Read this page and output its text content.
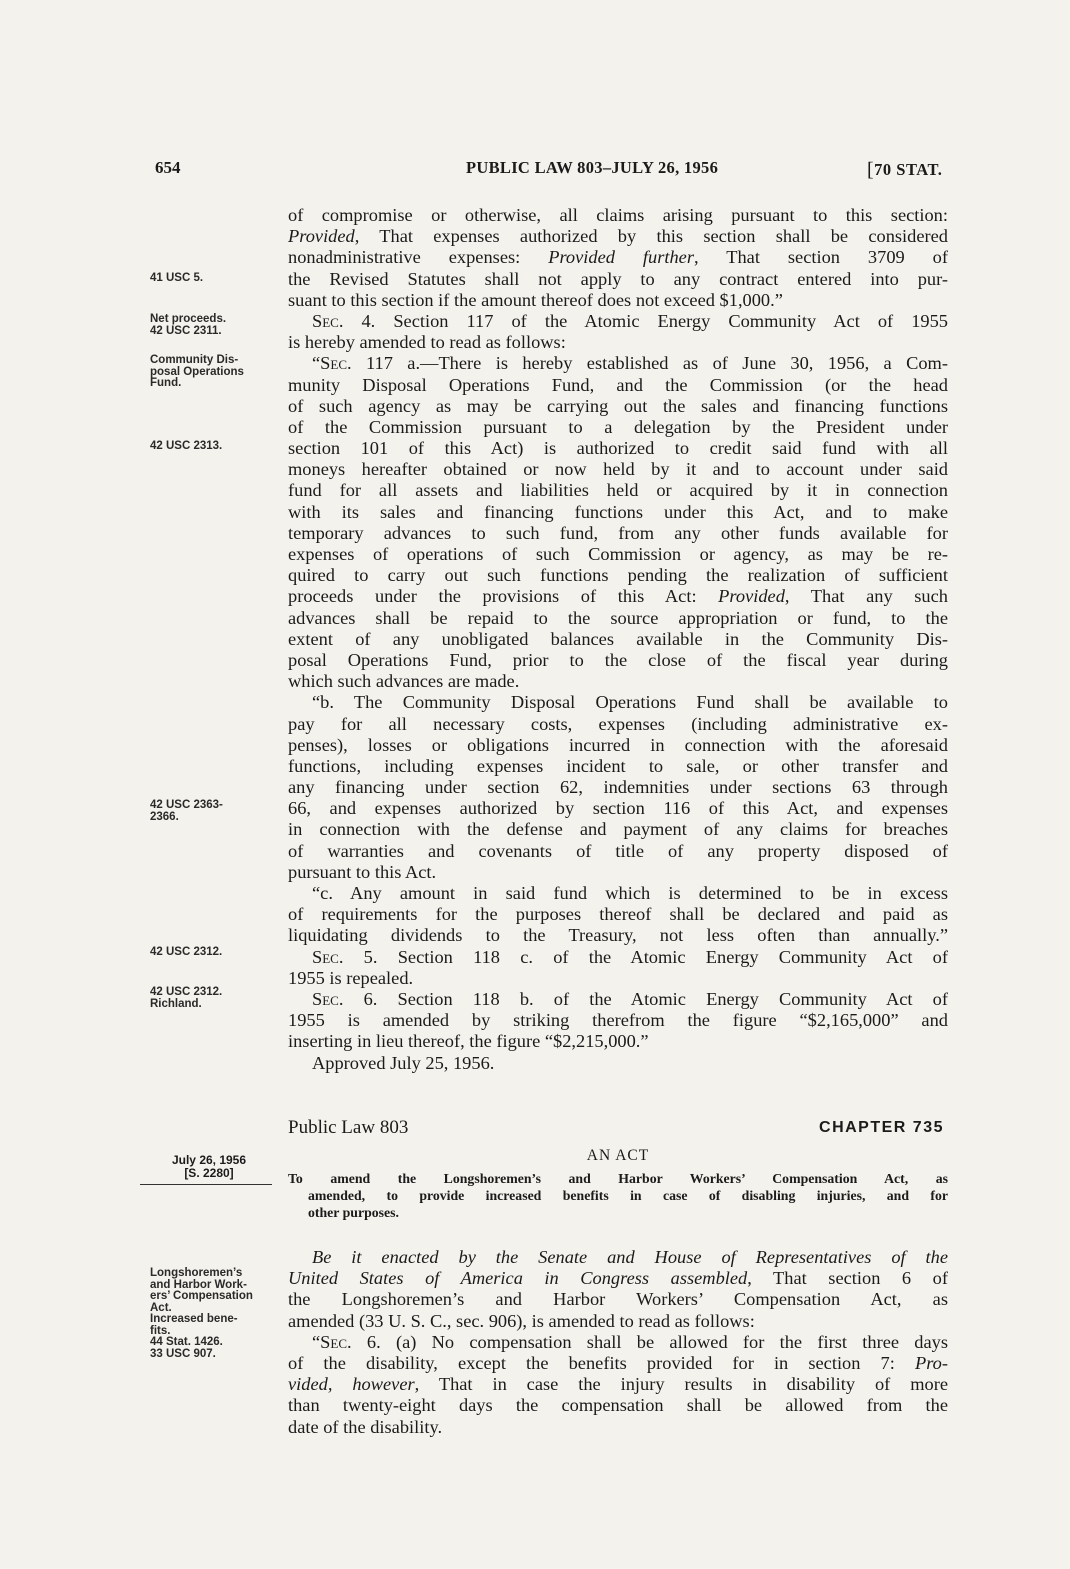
654	PUBLIC LAW 803–JULY 26, 1956	[70 STAT.
of compromise or otherwise, all claims arising pursuant to this section:
Provided, That expenses authorized by this section shall be considered
nonadministrative expenses: Provided further, That section 3709 of
the Revised Statutes shall not apply to any contract entered into pur-
suant to this section if the amount thereof does not exceed $1,000.”
Sec. 4. Section 117 of the Atomic Energy Community Act of 1955
is hereby amended to read as follows:
“Sec. 117 a.—There is hereby established as of June 30, 1956, a Com-
munity Disposal Operations Fund, and the Commission (or the head
of such agency as may be carrying out the sales and financing functions
of the Commission pursuant to a delegation by the President under
section 101 of this Act) is authorized to credit said fund with all
moneys hereafter obtained or now held by it and to account under said
fund for all assets and liabilities held or acquired by it in connection
with its sales and financing functions under this Act, and to make
temporary advances to such fund, from any other funds available for
expenses of operations of such Commission or agency, as may be re-
quired to carry out such functions pending the realization of sufficient
proceeds under the provisions of this Act: Provided, That any such
advances shall be repaid to the source appropriation or fund, to the
extent of any unobligated balances available in the Community Dis-
posal Operations Fund, prior to the close of the fiscal year during
which such advances are made.
“b. The Community Disposal Operations Fund shall be available to
pay for all necessary costs, expenses (including administrative ex-
penses), losses or obligations incurred in connection with the aforesaid
functions, including expenses incident to sale, or other transfer and
any financing under section 62, indemnities under sections 63 through
66, and expenses authorized by section 116 of this Act, and expenses
in connection with the defense and payment of any claims for breaches
of warranties and covenants of title of any property disposed of
pursuant to this Act.
“c. Any amount in said fund which is determined to be in excess
of requirements for the purposes thereof shall be declared and paid as
liquidating dividends to the Treasury, not less often than annually.”
Sec. 5. Section 118 c. of the Atomic Energy Community Act of
1955 is repealed.
Sec. 6. Section 118 b. of the Atomic Energy Community Act of
1955 is amended by striking therefrom the figure “$2,165,000” and
inserting in lieu thereof, the figure “$2,215,000.”
Approved July 25, 1956.
41 USC 5.
Net proceeds.
42 USC 2311.
Community Dis-
posal Operations
Fund.
42 USC 2313.
42 USC 2363-
2366.
42 USC 2312.
42 USC 2312.
Richland.
Public Law 803	CHAPTER 735
AN ACT
July 26, 1956
[S. 2280]	To amend the Longshoremen’s and Harbor Workers’ Compensation Act, as
amended, to provide increased benefits in case of disabling injuries, and for
other purposes.
Longshoremen’s
and Harbor Work-
ers’ Compensation
Act.
Increased bene-
fits.
44 Stat. 1426.
33 USC 907.
Be it enacted by the Senate and House of Representatives of the
United States of America in Congress assembled, That section 6 of
the Longshoremen’s and Harbor Workers’ Compensation Act, as
amended (33 U. S. C., sec. 906), is amended to read as follows:
“Sec. 6. (a) No compensation shall be allowed for the first three days
of the disability, except the benefits provided for in section 7: Pro-
vided, however, That in case the injury results in disability of more
than twenty-eight days the compensation shall be allowed from the
date of the disability.
